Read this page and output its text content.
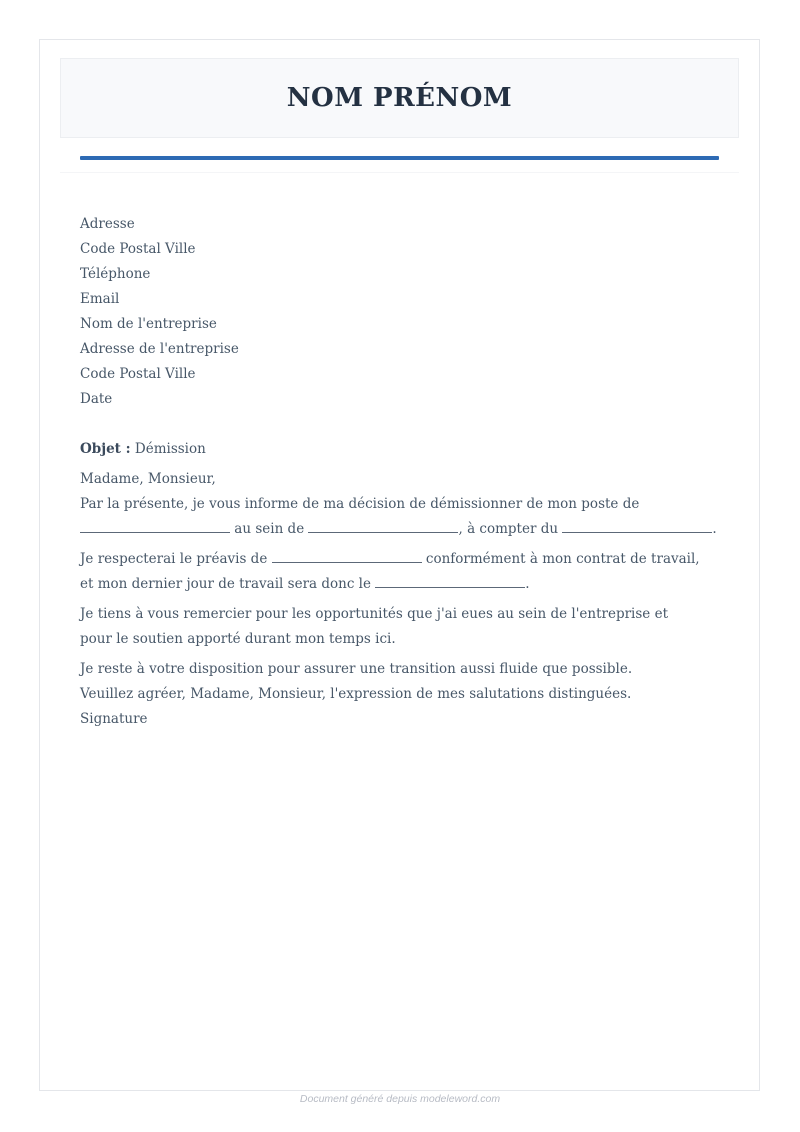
NOM PRÉNOM
Adresse
Code Postal Ville
Téléphone
Email
Nom de l'entreprise
Adresse de l'entreprise
Code Postal Ville
Date
Objet : Démission
Madame, Monsieur,
Par la présente, je vous informe de ma décision de démissionner de mon poste de
au sein de	, à compter du	.
Je respecterai le préavis de	conformément à mon contrat de travail,
et mon dernier jour de travail sera donc le	.
Je tiens à vous remercier pour les opportunités que j'ai eues au sein de l'entreprise et
pour le soutien apporté durant mon temps ici.
Je reste à votre disposition pour assurer une transition aussi fluide que possible.
Veuillez agréer, Madame, Monsieur, l'expression de mes salutations distinguées.
Signature
Document généré depuis modeleword.com
